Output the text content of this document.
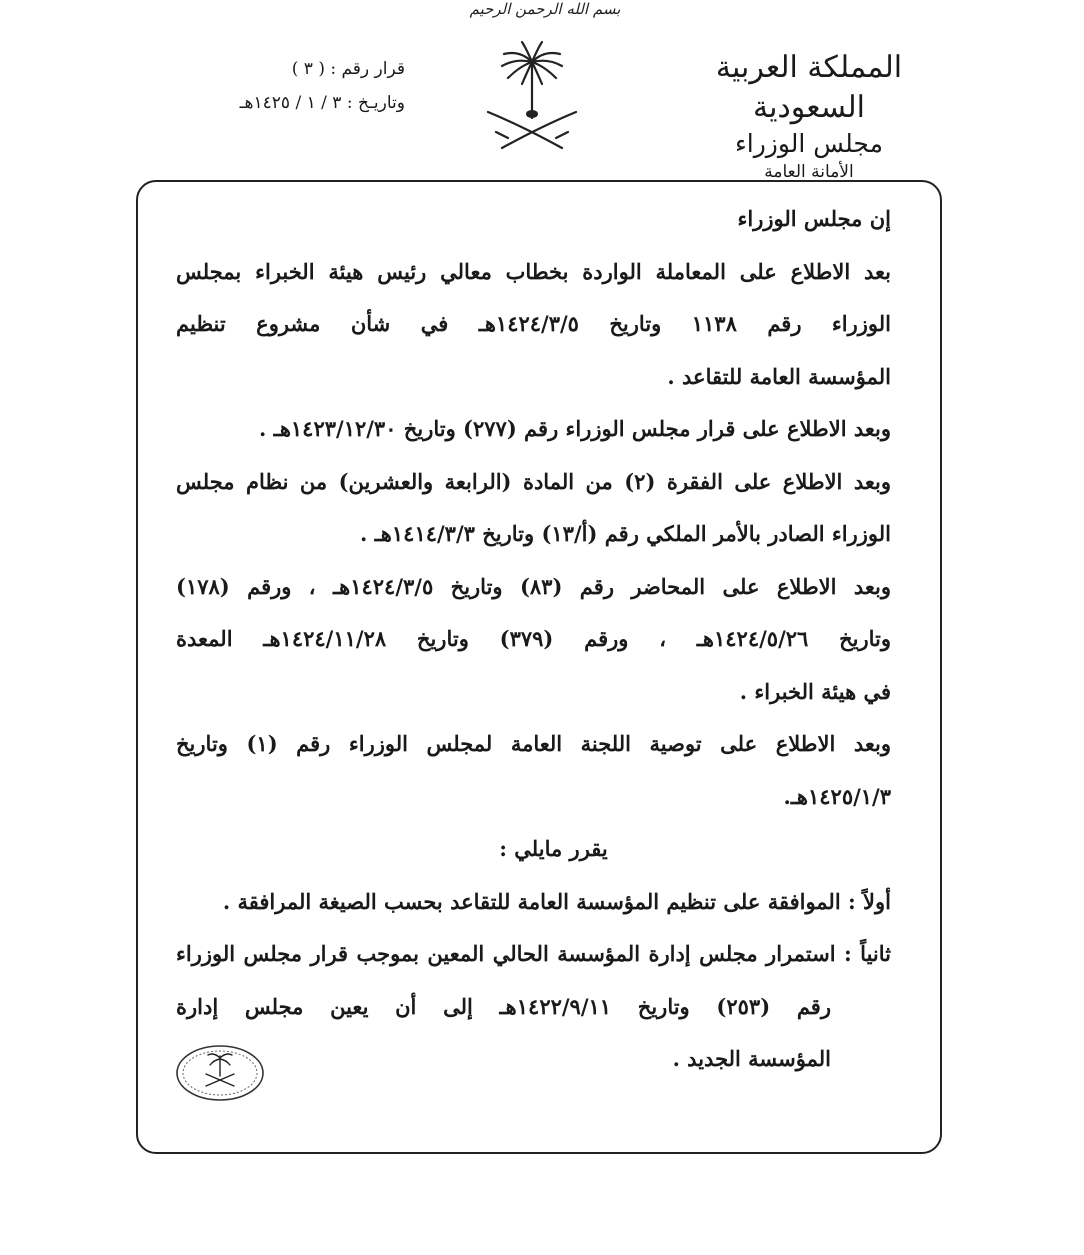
بسم الله الرحمن الرحيم
المملكة العربية السعودية
مجلس الوزراء
الأمانة العامة
قرار رقم : ( ٣ )
وتاريـخ : ٣ / ١ / ١٤٢٥هـ
إن مجلس الوزراء
بعد الاطلاع على المعاملة الواردة بخطاب معالي رئيس هيئة الخبراء بمجلس
الوزراء رقم ١١٣٨ وتاريخ ١٤٢٤/٣/٥هـ في شأن مشروع تنظيم
المؤسسة العامة للتقاعد .
وبعد الاطلاع على قرار مجلس الوزراء رقم (٢٧٧) وتاريخ ١٤٢٣/١٢/٣٠هـ .
وبعد الاطلاع على الفقرة (٢) من المادة (الرابعة والعشرين) من نظام مجلس
الوزراء الصادر بالأمر الملكي رقم (أ/١٣) وتاريخ ١٤١٤/٣/٣هـ .
وبعد الاطلاع على المحاضر رقم (٨٣) وتاريخ ١٤٢٤/٣/٥هـ ، ورقم (١٧٨)
وتاريخ ١٤٢٤/٥/٢٦هـ ، ورقم (٣٧٩) وتاريخ ١٤٢٤/١١/٢٨هـ المعدة
في هيئة الخبراء .
وبعد الاطلاع على توصية اللجنة العامة لمجلس الوزراء رقم (١) وتاريخ
١٤٢٥/١/٣هـ.
يقرر مايلي :
أولاً : الموافقة على تنظيم المؤسسة العامة للتقاعد بحسب الصيغة المرافقة .
ثانياً : استمرار مجلس إدارة المؤسسة الحالي المعين بموجب قرار مجلس الوزراء
رقم (٢٥٣) وتاريخ ١٤٢٢/٩/١١هـ إلى أن يعين مجلس إدارة
المؤسسة الجديد .
